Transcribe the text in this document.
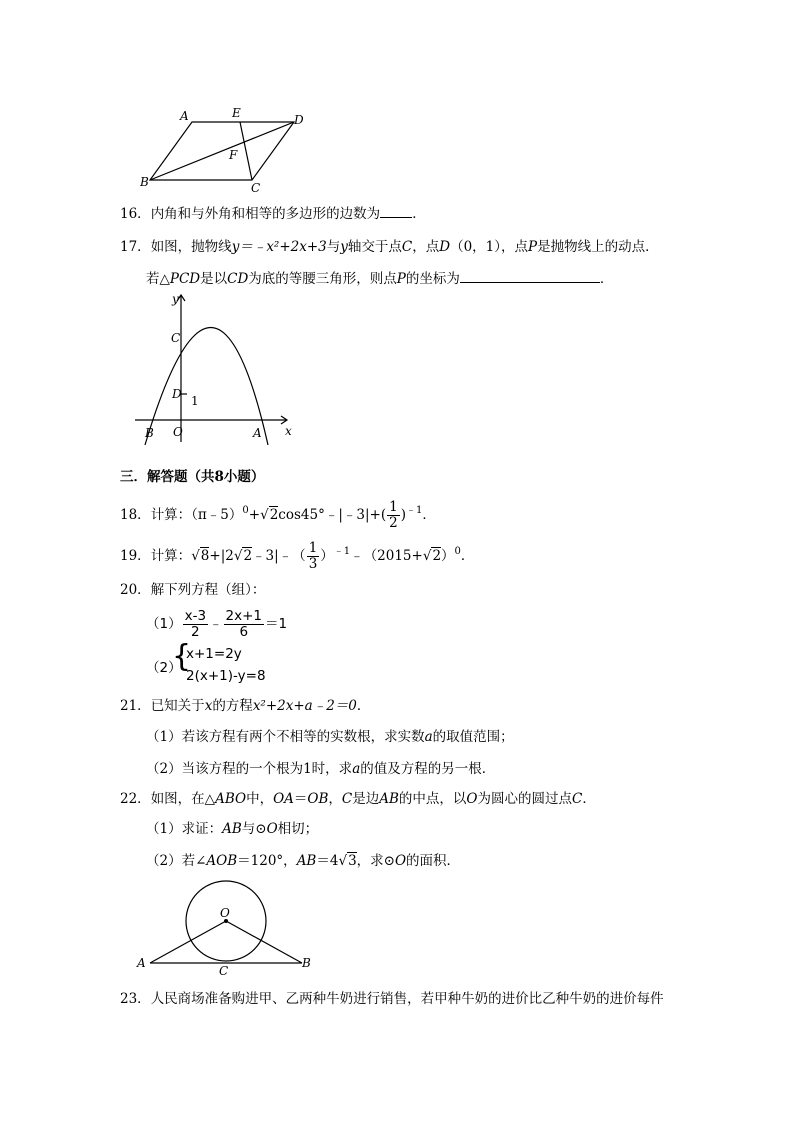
A	E	D
F
B	C
16．内角和与外角和相等的多边形的边数为 ．
17．如图，抛物线y＝﹣x²+2x+3与y轴交于点C，点D（0，1），点P是抛物线上的动点．
若△PCD是以CD为底的等腰三角形，则点P的坐标为	．
y
x
C
D 1
B O	A
三．解答题（共8小题）
18．计算：（π﹣5）$^0$+√2cos45°﹣|﹣3|+( $\frac{1}{2} )^{﹣1}$．
19．计算：√8+|2√2﹣3|﹣（ $\frac{1}{3}$ ）$^{﹣1}﹣(2015+√2)^0$．
20．解下列方程（组）：
$(1) \frac{x-3}{2}$ ﹣ $\frac{2x+1}{6} =1$
（2）
{
x+1=2y
2(x+1)-y=8
21．已知关于x的方程x²+2x+a﹣2＝0．
（1）若该方程有两个不相等的实数根，求实数a的取值范围；
（2）当该方程的一个根为1时，求a的值及方程的另一根．
22．如图，在△ABO中，OA＝OB，C是边AB的中点，以O为圆心的圆过点C．
（1）求证：AB与⊙O相切；
（2）若∠AOB＝120°，AB＝4√3，求⊙O的面积．
O
A
C
B
23．人民商场准备购进甲、乙两种牛奶进行销售，若甲种牛奶的进价比乙种牛奶的进价每件
